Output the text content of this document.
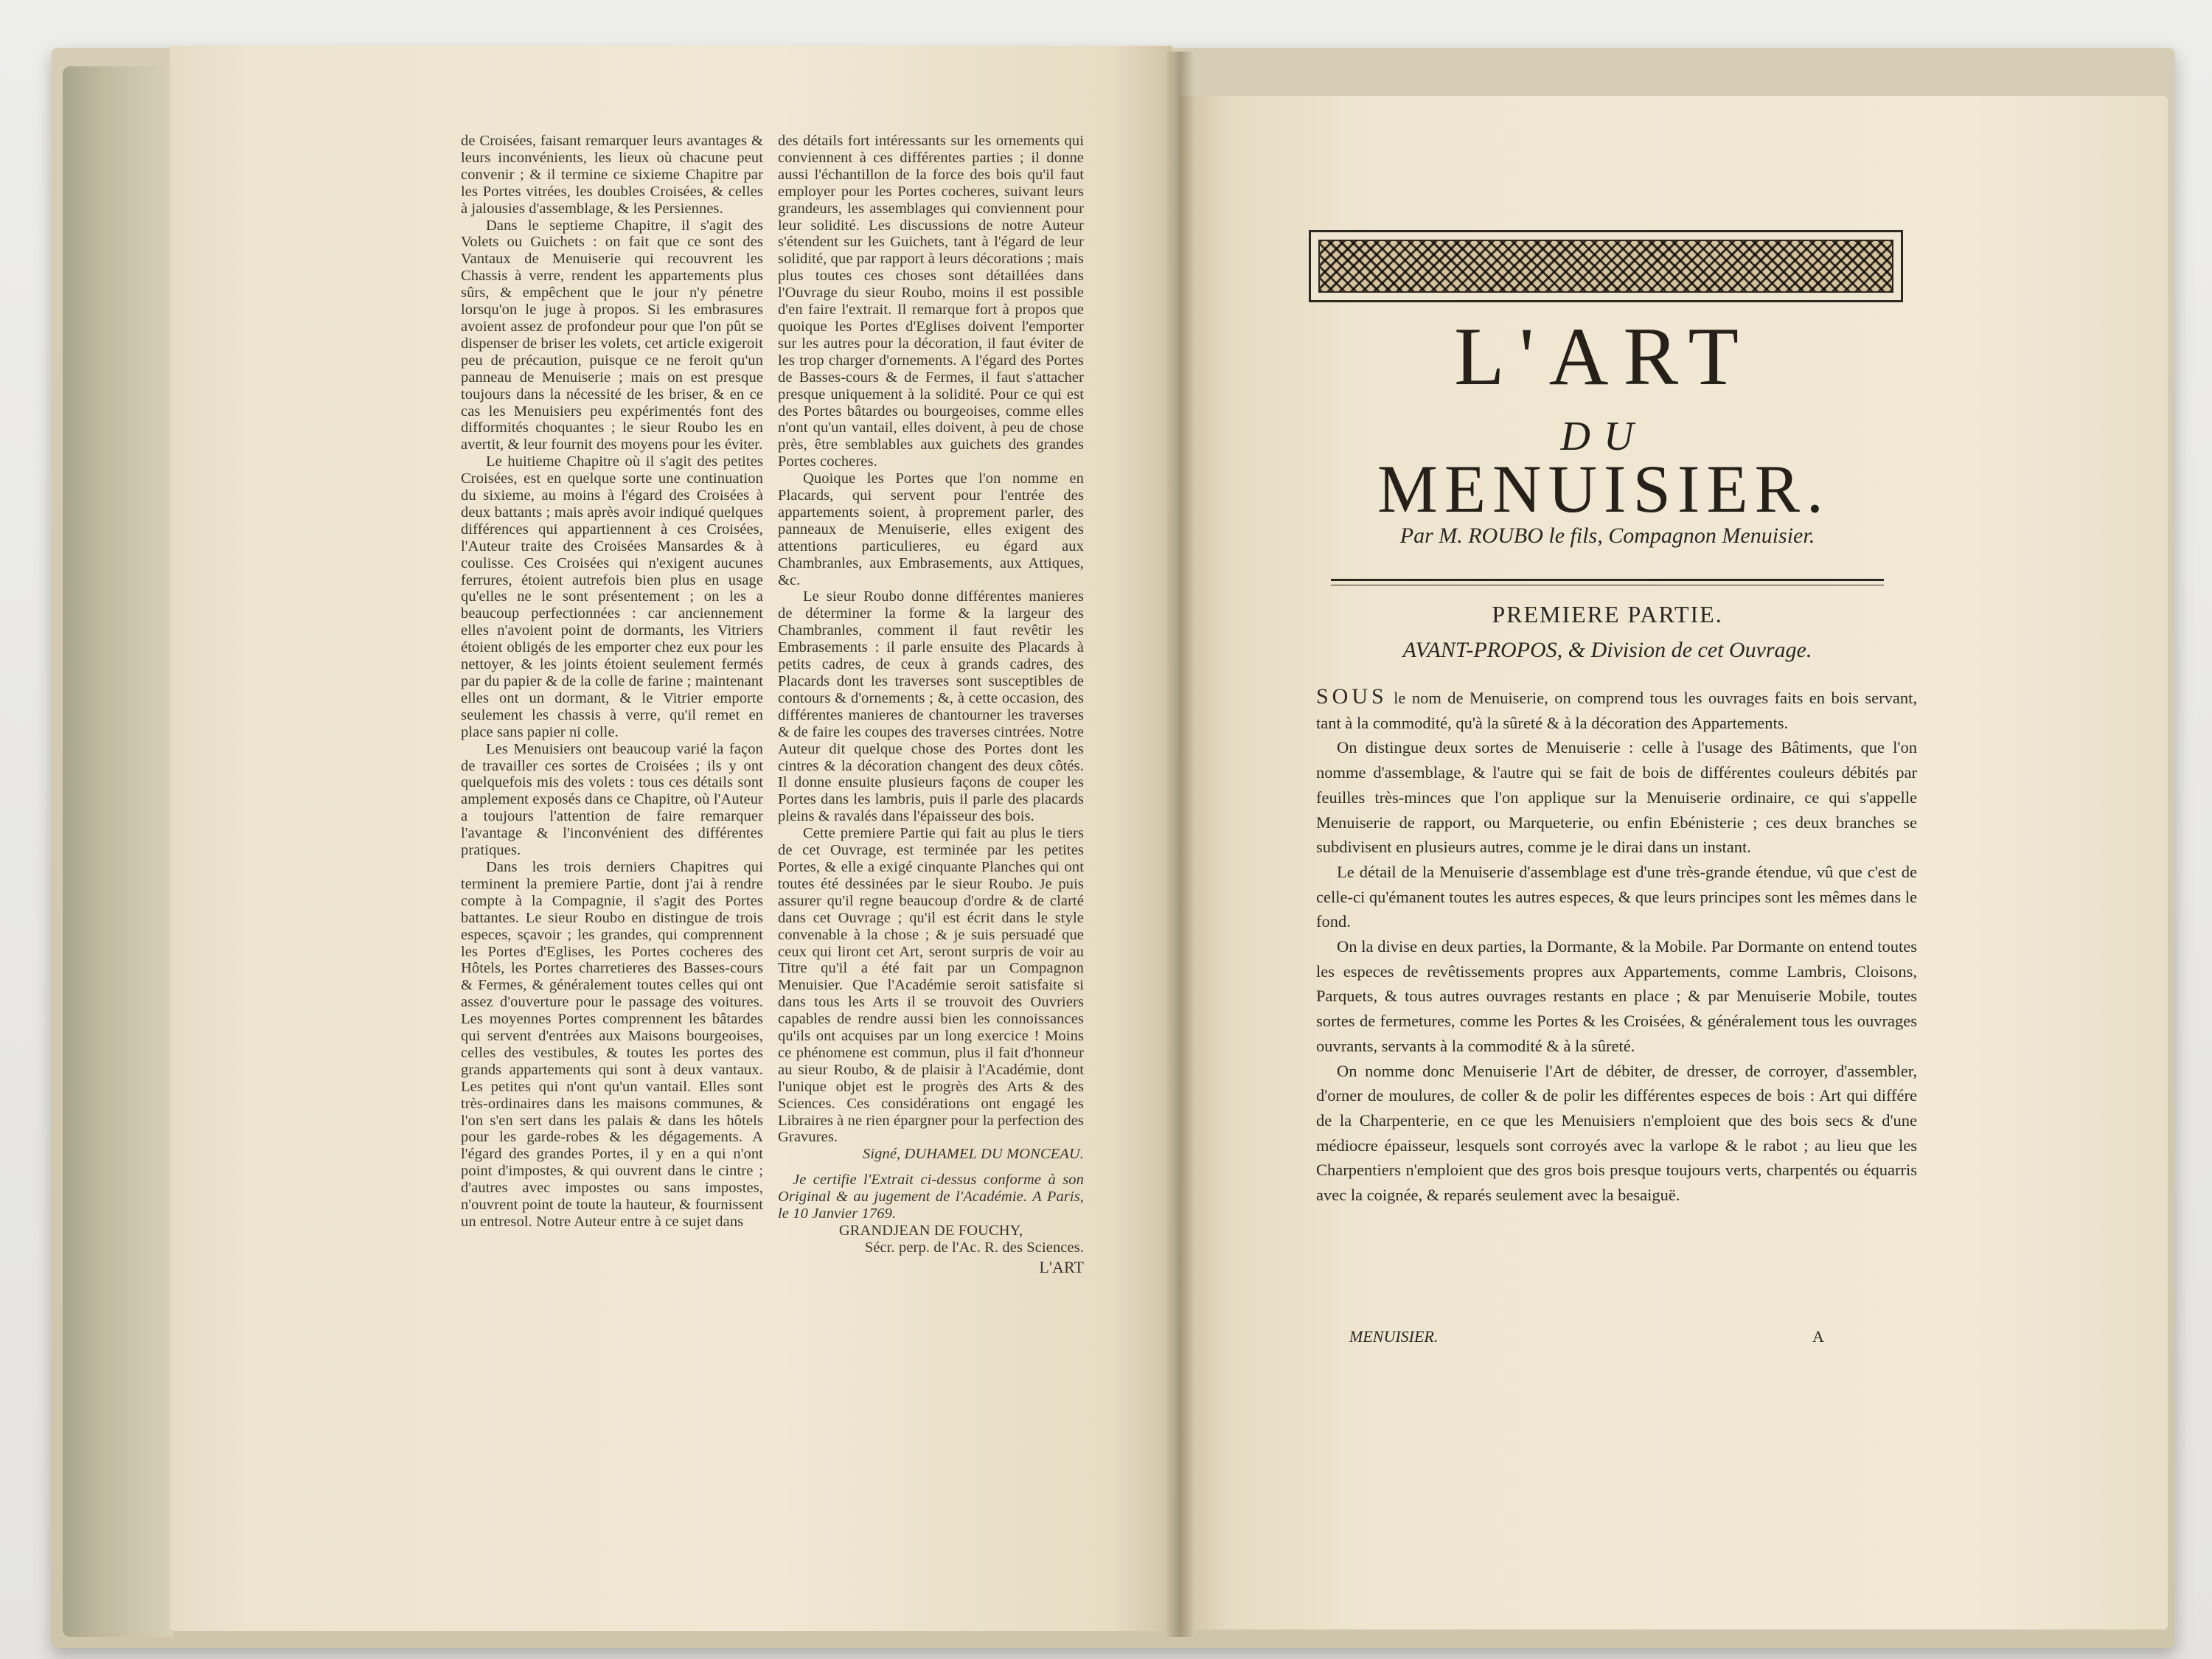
de Croisées, faisant remarquer leurs avantages & leurs inconvénients, les lieux où chacune peut convenir ; & il termine ce sixieme Chapitre par les Portes vitrées, les doubles Croisées, & celles à jalousies d'assemblage, & les Persiennes.
Dans le septieme Chapitre, il s'agit des Volets ou Guichets : on fait que ce sont des Vantaux de Menuiserie qui recouvrent les Chassis à verre, rendent les appartements plus sûrs, & empêchent que le jour n'y pénetre lorsqu'on le juge à propos. Si les embrasures avoient assez de profondeur pour que l'on pût se dispenser de briser les volets, cet article exigeroit peu de précaution, puisque ce ne feroit qu'un panneau de Menuiserie ; mais on est presque toujours dans la nécessité de les briser, & en ce cas les Menuisiers peu expérimentés font des difformités choquantes ; le sieur Roubo les en avertit, & leur fournit des moyens pour les éviter.
Le huitieme Chapitre où il s'agit des petites Croisées, est en quelque sorte une continuation du sixieme, au moins à l'égard des Croisées à deux battants ; mais après avoir indiqué quelques différences qui appartiennent à ces Croisées, l'Auteur traite des Croisées Mansardes & à coulisse. Ces Croisées qui n'exigent aucunes ferrures, étoient autrefois bien plus en usage qu'elles ne le sont présentement ; on les a beaucoup perfectionnées : car anciennement elles n'avoient point de dormants, les Vitriers étoient obligés de les emporter chez eux pour les nettoyer, & les joints étoient seulement fermés par du papier & de la colle de farine ; maintenant elles ont un dormant, & le Vitrier emporte seulement les chassis à verre, qu'il remet en place sans papier ni colle.
Les Menuisiers ont beaucoup varié la façon de travailler ces sortes de Croisées ; ils y ont quelquefois mis des volets : tous ces détails sont amplement exposés dans ce Chapitre, où l'Auteur a toujours l'attention de faire remarquer l'avantage & l'inconvénient des différentes pratiques.
Dans les trois derniers Chapitres qui terminent la premiere Partie, dont j'ai à rendre compte à la Compagnie, il s'agit des Portes battantes. Le sieur Roubo en distingue de trois especes, sçavoir ; les grandes, qui comprennent les Portes d'Eglises, les Portes cocheres des Hôtels, les Portes charretieres des Basses-cours & Fermes, & généralement toutes celles qui ont assez d'ouverture pour le passage des voitures. Les moyennes Portes comprennent les bâtardes qui servent d'entrées aux Maisons bourgeoises, celles des vestibules, & toutes les portes des grands appartements qui sont à deux vantaux. Les petites qui n'ont qu'un vantail. Elles sont très-ordinaires dans les maisons communes, & l'on s'en sert dans les palais & dans les hôtels pour les garde-robes & les dégagements. A l'égard des grandes Portes, il y en a qui n'ont point d'impostes, & qui ouvrent dans le cintre ; d'autres avec impostes ou sans impostes, n'ouvrent point de toute la hauteur, & fournissent un entresol. Notre Auteur entre à ce sujet dans
des détails fort intéressants sur les ornements qui conviennent à ces différentes parties ; il donne aussi l'échantillon de la force des bois qu'il faut employer pour les Portes cocheres, suivant leurs grandeurs, les assemblages qui conviennent pour leur solidité. Les discussions de notre Auteur s'étendent sur les Guichets, tant à l'égard de leur solidité, que par rapport à leurs décorations ; mais plus toutes ces choses sont détaillées dans l'Ouvrage du sieur Roubo, moins il est possible d'en faire l'extrait. Il remarque fort à propos que quoique les Portes d'Eglises doivent l'emporter sur les autres pour la décoration, il faut éviter de les trop charger d'ornements. A l'égard des Portes de Basses-cours & de Fermes, il faut s'attacher presque uniquement à la solidité. Pour ce qui est des Portes bâtardes ou bourgeoises, comme elles n'ont qu'un vantail, elles doivent, à peu de chose près, être semblables aux guichets des grandes Portes cocheres.
Quoique les Portes que l'on nomme en Placards, qui servent pour l'entrée des appartements soient, à proprement parler, des panneaux de Menuiserie, elles exigent des attentions particulieres, eu égard aux Chambranles, aux Embrasements, aux Attiques, &c.
Le sieur Roubo donne différentes manieres de déterminer la forme & la largeur des Chambranles, comment il faut revêtir les Embrasements : il parle ensuite des Placards à petits cadres, de ceux à grands cadres, des Placards dont les traverses sont susceptibles de contours & d'ornements ; &, à cette occasion, des différentes manieres de chantourner les traverses & de faire les coupes des traverses cintrées. Notre Auteur dit quelque chose des Portes dont les cintres & la décoration changent des deux côtés. Il donne ensuite plusieurs façons de couper les Portes dans les lambris, puis il parle des placards pleins & ravalés dans l'épaisseur des bois.
Cette premiere Partie qui fait au plus le tiers de cet Ouvrage, est terminée par les petites Portes, & elle a exigé cinquante Planches qui ont toutes été dessinées par le sieur Roubo. Je puis assurer qu'il regne beaucoup d'ordre & de clarté dans cet Ouvrage ; qu'il est écrit dans le style convenable à la chose ; & je suis persuadé que ceux qui liront cet Art, seront surpris de voir au Titre qu'il a été fait par un Compagnon Menuisier. Que l'Académie seroit satisfaite si dans tous les Arts il se trouvoit des Ouvriers capables de rendre aussi bien les connoissances qu'ils ont acquises par un long exercice ! Moins ce phénomene est commun, plus il fait d'honneur au sieur Roubo, & de plaisir à l'Académie, dont l'unique objet est le progrès des Arts & des Sciences. Ces considérations ont engagé les Libraires à ne rien épargner pour la perfection des Gravures.
Signé, DUHAMEL DU MONCEAU.
Je certifie l'Extrait ci-dessus conforme à son Original & au jugement de l'Académie. A Paris, le 10 Janvier 1769.
GRANDJEAN DE FOUCHY,
Sécr. perp. de l'Ac. R. des Sciences.
L'ART
L'ART
DU
MENUISIER.
Par M. ROUBO le fils, Compagnon Menuisier.
PREMIERE PARTIE.
AVANT-PROPOS, & Division de cet Ouvrage.
SOUS le nom de Menuiserie, on comprend tous les ouvrages faits en bois servant, tant à la commodité, qu'à la sûreté & à la décoration des Appartements.
On distingue deux sortes de Menuiserie : celle à l'usage des Bâtiments, que l'on nomme d'assemblage, & l'autre qui se fait de bois de différentes couleurs débités par feuilles très-minces que l'on applique sur la Menuiserie ordinaire, ce qui s'appelle Menuiserie de rapport, ou Marqueterie, ou enfin Ebénisterie ; ces deux branches se subdivisent en plusieurs autres, comme je le dirai dans un instant.
Le détail de la Menuiserie d'assemblage est d'une très-grande étendue, vû que c'est de celle-ci qu'émanent toutes les autres especes, & que leurs principes sont les mêmes dans le fond.
On la divise en deux parties, la Dormante, & la Mobile. Par Dormante on entend toutes les especes de revêtissements propres aux Appartements, comme Lambris, Cloisons, Parquets, & tous autres ouvrages restants en place ; & par Menuiserie Mobile, toutes sortes de fermetures, comme les Portes & les Croisées, & généralement tous les ouvrages ouvrants, servants à la commodité & à la sûreté.
On nomme donc Menuiserie l'Art de débiter, de dresser, de corroyer, d'assembler, d'orner de moulures, de coller & de polir les différentes especes de bois : Art qui différe de la Charpenterie, en ce que les Menuisiers n'emploient que des bois secs & d'une médiocre épaisseur, lesquels sont corroyés avec la varlope & le rabot ; au lieu que les Charpentiers n'emploient que des gros bois presque toujours verts, charpentés ou équarris avec la coignée, & reparés seulement avec la besaiguë.
MENUISIER.	A
